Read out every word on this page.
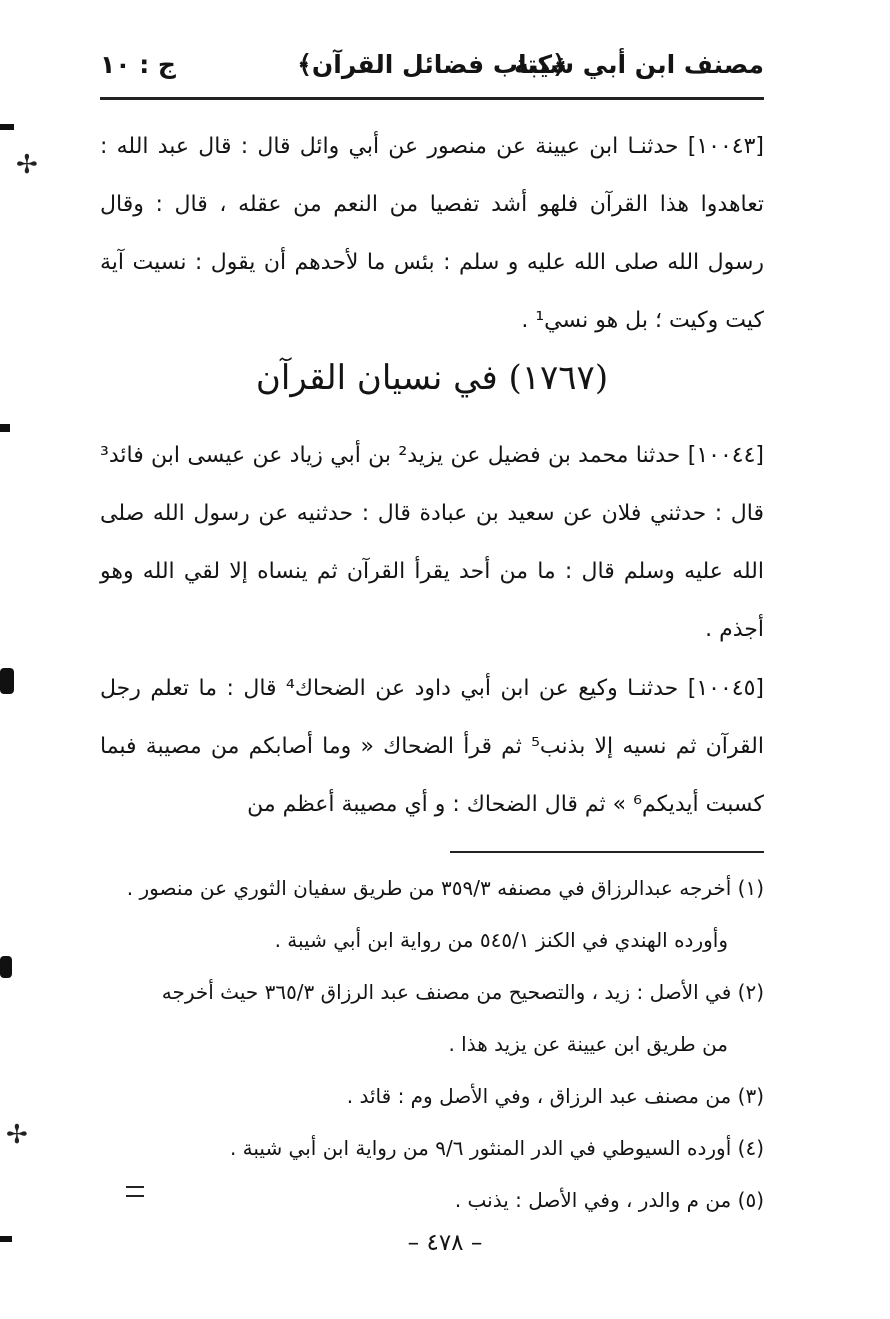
مصنف ابن أبي شيبة
﴿كتاب فضائل القرآن﴾
ج : ١٠
[١٠٠٤٣] حدثنـا ابن عيينة عن منصور عن أبي وائل قال : قال عبد الله : تعاهدوا هذا القرآن فلهو أشد تفصيا من النعم من عقله ، قال : وقال رسول الله صلى الله عليه و سلم : بئس ما لأحدهم أن يقول : نسيت آية كيت وكيت ؛ بل هو نسي¹ .
(١٧٦٧) في نسيان القرآن
[١٠٠٤٤] حدثنا محمد بن فضيل عن يزيد² بن أبي زياد عن عيسى ابن فائد³ قال : حدثني فلان عن سعيد بن عبادة قال : حدثنيه عن رسول الله صلى الله عليه وسلم قال : ما من أحد يقرأ القرآن ثم ينساه إلا لقي الله وهو أجذم .
[١٠٠٤٥] حدثنـا وكيع عن ابن أبي داود عن الضحاك⁴ قال : ما تعلم رجل القرآن ثم نسيه إلا بذنب⁵ ثم قرأ الضحاك « وما أصابكم من مصيبة فبما كسبت أيديكم⁶ » ثم قال الضحاك : و أي مصيبة أعظم من
(١) أخرجه عبدالرزاق في مصنفه ٣٥٩/٣ من طريق سفيان الثوري عن منصور .
وأورده الهندي في الكنز ٥٤٥/١ من رواية ابن أبي شيبة .
(٢) في الأصل : زيد ، والتصحيح من مصنف عبد الرزاق ٣٦٥/٣ حيث أخرجه
من طريق ابن عيينة عن يزيد هذا .
(٣) من مصنف عبد الرزاق ، وفي الأصل وم : قائد .
(٤) أورده السيوطي في الدر المنثور ٩/٦ من رواية ابن أبي شيبة .
(٥) من م والدر ، وفي الأصل : يذنب .
– ٤٧٨ –
✢
✢
